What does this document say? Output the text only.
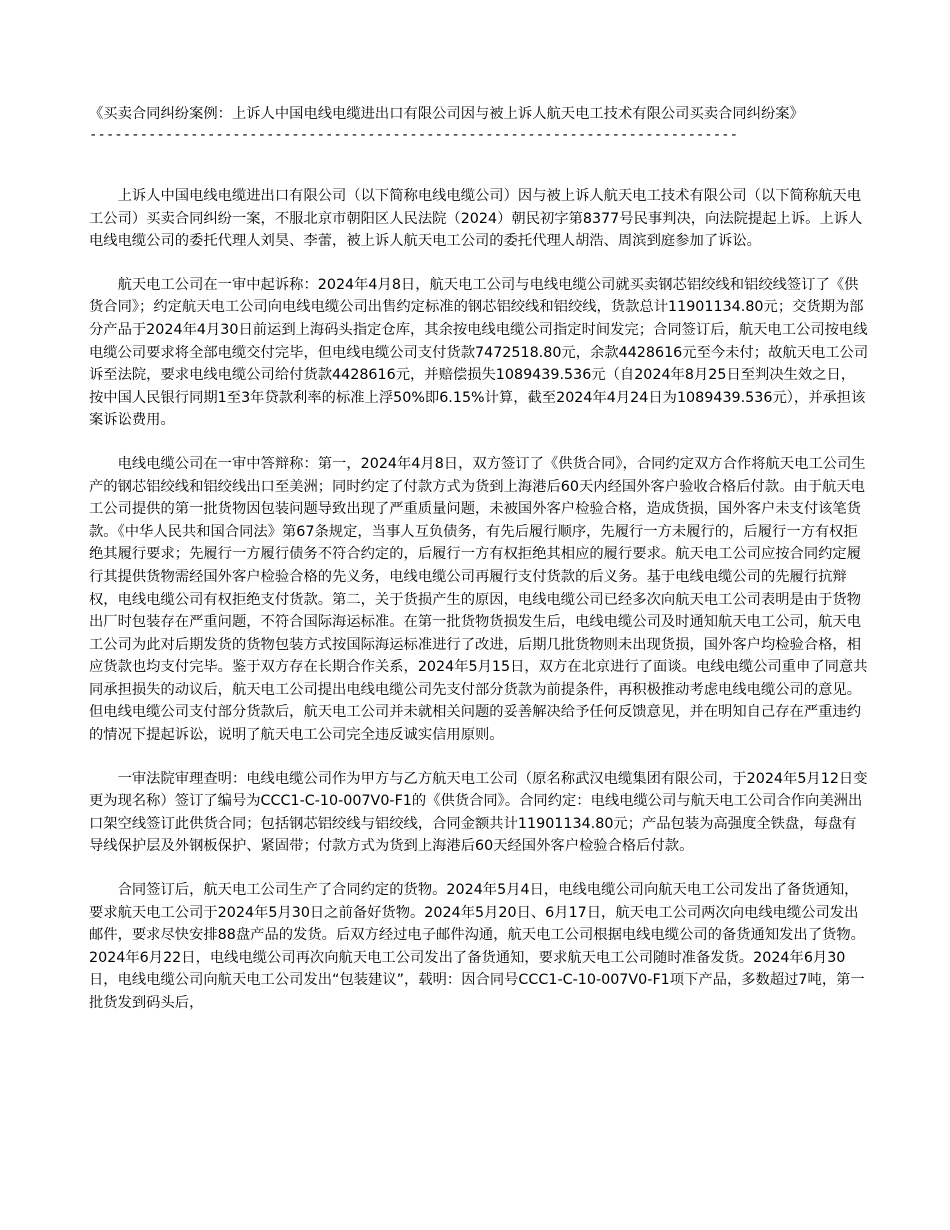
《买卖合同纠纷案例：上诉人中国电线电缆进出口有限公司因与被上诉人航天电工技术有限公司买卖合同纠纷案》
-----------------------------------------------------------------------------

上诉人中国电线电缆进出口有限公司（以下简称电线电缆公司）因与被上诉人航天电工技术有限公司（以下简称航天电工公司）买卖合同纠纷一案，不服北京市朝阳区人民法院（2024）朝民初字第8377号民事判决，向法院提起上诉。上诉人电线电缆公司的委托代理人刘昊、李蕾，被上诉人航天电工公司的委托代理人胡浩、周滨到庭参加了诉讼。

航天电工公司在一审中起诉称：2024年4月8日，航天电工公司与电线电缆公司就买卖钢芯铝绞线和铝绞线签订了《供货合同》；约定航天电工公司向电线电缆公司出售约定标准的钢芯铝绞线和铝绞线，货款总计11901134.80元；交货期为部分产品于2024年4月30日前运到上海码头指定仓库，其余按电线电缆公司指定时间发完；合同签订后，航天电工公司按电线电缆公司要求将全部电缆交付完毕，但电线电缆公司支付货款7472518.80元，余款4428616元至今未付；故航天电工公司诉至法院，要求电线电缆公司给付货款4428616元，并赔偿损失1089439.536元（自2024年8月25日至判决生效之日，按中国人民银行同期1至3年贷款利率的标准上浮50%即6.15%计算，截至2024年4月24日为1089439.536元），并承担该案诉讼费用。

电线电缆公司在一审中答辩称：第一，2024年4月8日，双方签订了《供货合同》，合同约定双方合作将航天电工公司生产的钢芯铝绞线和铝绞线出口至美洲；同时约定了付款方式为货到上海港后60天内经国外客户验收合格后付款。由于航天电工公司提供的第一批货物因包装问题导致出现了严重质量问题，未被国外客户检验合格，造成货损，国外客户未支付该笔货款。《中华人民共和国合同法》第67条规定，当事人互负债务，有先后履行顺序，先履行一方未履行的，后履行一方有权拒绝其履行要求；先履行一方履行债务不符合约定的，后履行一方有权拒绝其相应的履行要求。航天电工公司应按合同约定履行其提供货物需经国外客户检验合格的先义务，电线电缆公司再履行支付货款的后义务。基于电线电缆公司的先履行抗辩权，电线电缆公司有权拒绝支付货款。第二，关于货损产生的原因，电线电缆公司已经多次向航天电工公司表明是由于货物出厂时包装存在严重问题，不符合国际海运标准。在第一批货物货损发生后，电线电缆公司及时通知航天电工公司，航天电工公司为此对后期发货的货物包装方式按国际海运标准进行了改进，后期几批货物则未出现货损，国外客户均检验合格，相应货款也均支付完毕。鉴于双方存在长期合作关系，2024年5月15日，双方在北京进行了面谈。电线电缆公司重申了同意共同承担损失的动议后，航天电工公司提出电线电缆公司先支付部分货款为前提条件，再积极推动考虑电线电缆公司的意见。但电线电缆公司支付部分货款后，航天电工公司并未就相关问题的妥善解决给予任何反馈意见，并在明知自己存在严重违约的情况下提起诉讼，说明了航天电工公司完全违反诚实信用原则。

一审法院审理查明：电线电缆公司作为甲方与乙方航天电工公司（原名称武汉电缆集团有限公司，于2024年5月12日变更为现名称）签订了编号为CCC1-C-10-007V0-F1的《供货合同》。合同约定：电线电缆公司与航天电工公司合作向美洲出口架空线签订此供货合同；包括钢芯铝绞线与铝绞线，合同金额共计11901134.80元；产品包装为高强度全铁盘，每盘有导线保护层及外钢板保护、紧固带；付款方式为货到上海港后60天经国外客户检验合格后付款。

合同签订后，航天电工公司生产了合同约定的货物。2024年5月4日，电线电缆公司向航天电工公司发出了备货通知，要求航天电工公司于2024年5月30日之前备好货物。2024年5月20日、6月17日，航天电工公司两次向电线电缆公司发出邮件，要求尽快安排88盘产品的发货。后双方经过电子邮件沟通，航天电工公司根据电线电缆公司的备货通知发出了货物。2024年6月22日，电线电缆公司再次向航天电工公司发出了备货通知，要求航天电工公司随时准备发货。2024年6月30日，电线电缆公司向航天电工公司发出“包装建议”，载明：因合同号CCC1-C-10-007V0-F1项下产品，多数超过7吨，第一批货发到码头后，
